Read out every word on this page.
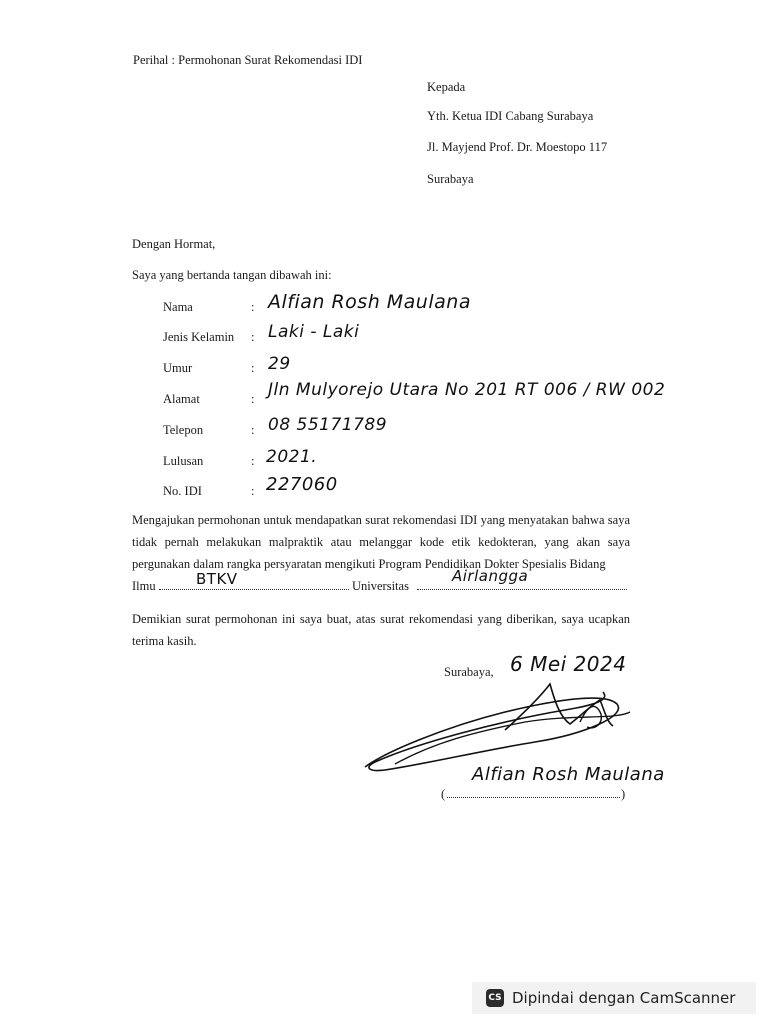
Perihal : Permohonan Surat Rekomendasi IDI
Kepada
Yth. Ketua IDI Cabang Surabaya
Jl. Mayjend Prof. Dr. Moestopo 117
Surabaya
Dengan Hormat,
Saya yang bertanda tangan dibawah ini:
Nama	: Alfian Rosh Maulana
Jenis Kelamin : Laki - Laki
Umur	: 29
Alamat	: Jln Mulyorejo Utara No 201 RT 006 / RW 002
Telepon	: 08 55171789
Lulusan	: 2021.
No. IDI	: 227060
Mengajukan permohonan untuk mendapatkan surat rekomendasi IDI yang menyatakan bahwa saya tidak pernah melakukan malpraktik atau melanggar kode etik kedokteran, yang akan saya pergunakan dalam rangka persyaratan mengikuti Program Pendidikan Dokter Spesialis Bidang
Ilmu	BTKV	Universitas
Airlangga
Demikian surat permohonan ini saya buat, atas surat rekomendasi yang diberikan, saya ucapkan terima kasih.
Surabaya, 6 Mei 2024
Alfian Rosh Maulana
(	)
CS Dipindai dengan CamScanner
